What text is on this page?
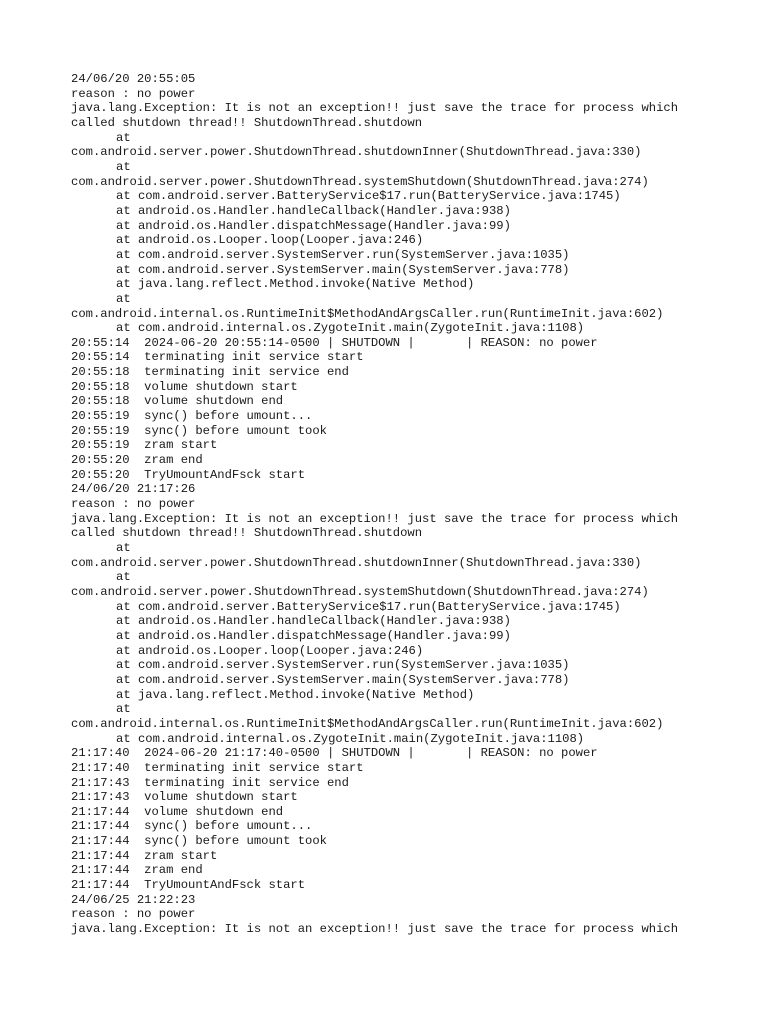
24/06/20 20:55:05
reason : no power
java.lang.Exception: It is not an exception!! just save the trace for process which
called shutdown thread!! ShutdownThread.shutdown
at
com.android.server.power.ShutdownThread.shutdownInner(ShutdownThread.java:330)
at
com.android.server.power.ShutdownThread.systemShutdown(ShutdownThread.java:274)
at com.android.server.BatteryService$17.run(BatteryService.java:1745)
at android.os.Handler.handleCallback(Handler.java:938)
at android.os.Handler.dispatchMessage(Handler.java:99)
at android.os.Looper.loop(Looper.java:246)
at com.android.server.SystemServer.run(SystemServer.java:1035)
at com.android.server.SystemServer.main(SystemServer.java:778)
at java.lang.reflect.Method.invoke(Native Method)
at
com.android.internal.os.RuntimeInit$MethodAndArgsCaller.run(RuntimeInit.java:602)
at com.android.internal.os.ZygoteInit.main(ZygoteInit.java:1108)
20:55:14  2024-06-20 20:55:14-0500 | SHUTDOWN |       | REASON: no power
20:55:14  terminating init service start
20:55:18  terminating init service end
20:55:18  volume shutdown start
20:55:18  volume shutdown end
20:55:19  sync() before umount...
20:55:19  sync() before umount took
20:55:19  zram start
20:55:20  zram end
20:55:20  TryUmountAndFsck start
24/06/20 21:17:26
reason : no power
java.lang.Exception: It is not an exception!! just save the trace for process which
called shutdown thread!! ShutdownThread.shutdown
at
com.android.server.power.ShutdownThread.shutdownInner(ShutdownThread.java:330)
at
com.android.server.power.ShutdownThread.systemShutdown(ShutdownThread.java:274)
at com.android.server.BatteryService$17.run(BatteryService.java:1745)
at android.os.Handler.handleCallback(Handler.java:938)
at android.os.Handler.dispatchMessage(Handler.java:99)
at android.os.Looper.loop(Looper.java:246)
at com.android.server.SystemServer.run(SystemServer.java:1035)
at com.android.server.SystemServer.main(SystemServer.java:778)
at java.lang.reflect.Method.invoke(Native Method)
at
com.android.internal.os.RuntimeInit$MethodAndArgsCaller.run(RuntimeInit.java:602)
at com.android.internal.os.ZygoteInit.main(ZygoteInit.java:1108)
21:17:40  2024-06-20 21:17:40-0500 | SHUTDOWN |       | REASON: no power
21:17:40  terminating init service start
21:17:43  terminating init service end
21:17:43  volume shutdown start
21:17:44  volume shutdown end
21:17:44  sync() before umount...
21:17:44  sync() before umount took
21:17:44  zram start
21:17:44  zram end
21:17:44  TryUmountAndFsck start
24/06/25 21:22:23
reason : no power
java.lang.Exception: It is not an exception!! just save the trace for process which
